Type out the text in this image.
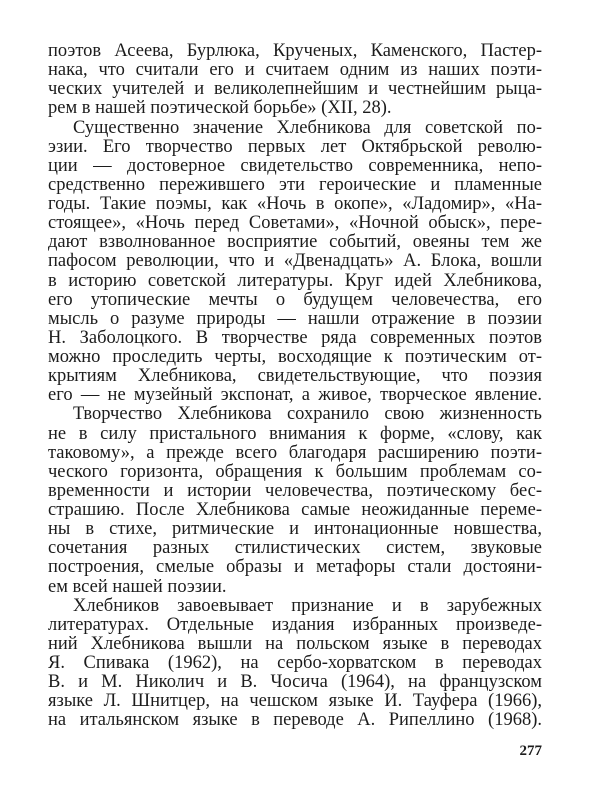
поэтов Асеева, Бурлюка, Крученых, Каменского, Пастер-
нака, что считали его и считаем одним из наших поэти-
ческих учителей и великолепнейшим и честнейшим рыца-
рем в нашей поэтической борьбе» (XII, 28).
Существенно значение Хлебникова для советской по-
эзии. Его творчество первых лет Октябрьской револю-
ции — достоверное свидетельство современника, непо-
средственно пережившего эти героические и пламенные
годы. Такие поэмы, как «Ночь в окопе», «Ладомир», «На-
стоящее», «Ночь перед Советами», «Ночной обыск», пере-
дают взволнованное восприятие событий, овеяны тем же
пафосом революции, что и «Двенадцать» А. Блока, вошли
в историю советской литературы. Круг идей Хлебникова,
его утопические мечты о будущем человечества, его
мысль о разуме природы — нашли отражение в поэзии
Н. Заболоцкого. В творчестве ряда современных поэтов
можно проследить черты, восходящие к поэтическим от-
крытиям Хлебникова, свидетельствующие, что поэзия
его — не музейный экспонат, а живое, творческое явление.
Творчество Хлебникова сохранило свою жизненность
не в силу пристального внимания к форме, «слову, как
таковому», а прежде всего благодаря расширению поэти-
ческого горизонта, обращения к большим проблемам со-
временности и истории человечества, поэтическому бес-
страшию. После Хлебникова самые неожиданные переме-
ны в стихе, ритмические и интонационные новшества,
сочетания разных стилистических систем, звуковые
построения, смелые образы и метафоры стали достояни-
ем всей нашей поэзии.
Хлебников завоевывает признание и в зарубежных
литературах. Отдельные издания избранных произведе-
ний Хлебникова вышли на польском языке в переводах
Я. Спивака (1962), на сербо-хорватском в переводах
В. и М. Николич и В. Чосича (1964), на французском
языке Л. Шнитцер, на чешском языке И. Тауфера (1966),
на итальянском языке в переводе А. Рипеллино (1968).
277
